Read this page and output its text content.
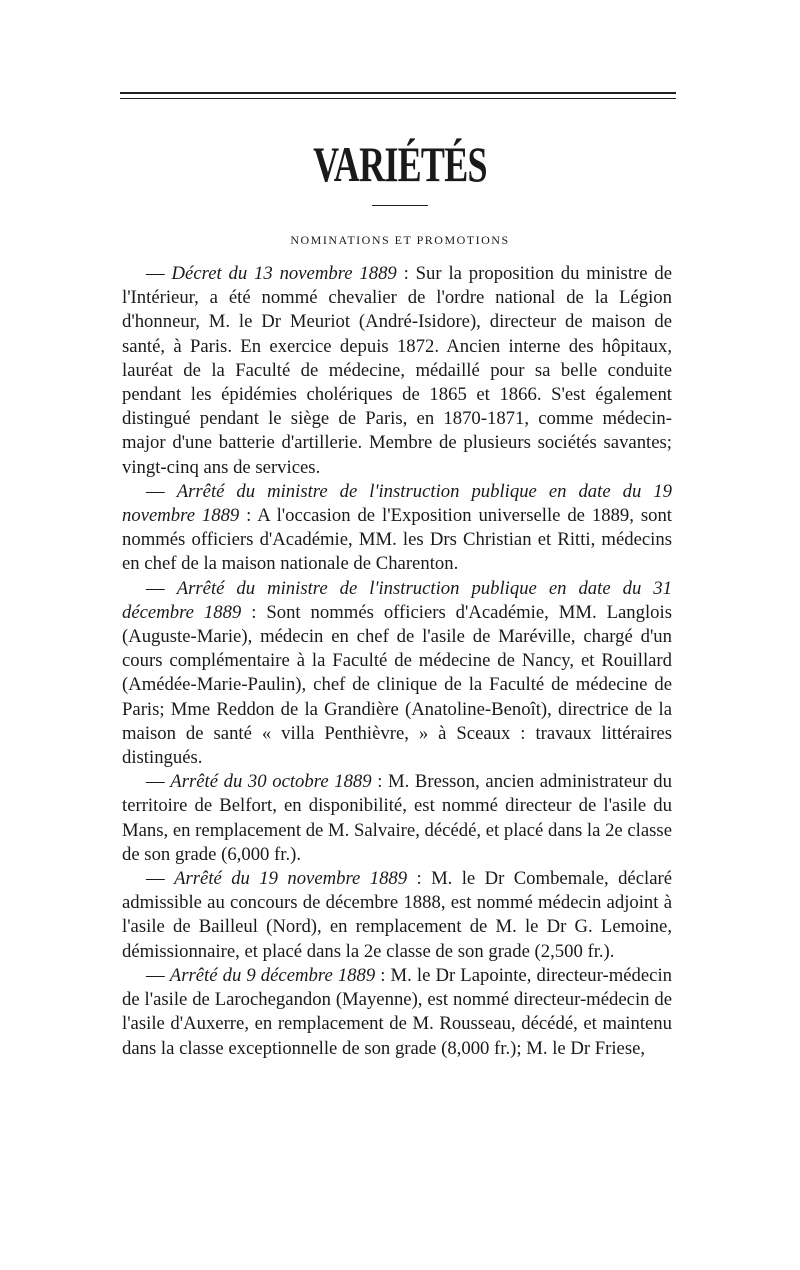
VARIÉTÉS
NOMINATIONS ET PROMOTIONS

— Décret du 13 novembre 1889 : Sur la proposition du ministre de l'Intérieur, a été nommé chevalier de l'ordre national de la Légion d'honneur, M. le Dr Meuriot (André-Isidore), directeur de maison de santé, à Paris. En exercice depuis 1872. Ancien interne des hôpitaux, lauréat de la Faculté de médecine, médaillé pour sa belle conduite pendant les épidémies cholériques de 1865 et 1866. S'est également distingué pendant le siège de Paris, en 1870-1871, comme médecin-major d'une batterie d'artillerie. Membre de plusieurs sociétés savantes; vingt-cinq ans de services.

— Arrêté du ministre de l'instruction publique en date du 19 novembre 1889 : A l'occasion de l'Exposition universelle de 1889, sont nommés officiers d'Académie, MM. les Drs Christian et Ritti, médecins en chef de la maison nationale de Charenton.

— Arrêté du ministre de l'instruction publique en date du 31 décembre 1889 : Sont nommés officiers d'Académie, MM. Langlois (Auguste-Marie), médecin en chef de l'asile de Maréville, chargé d'un cours complémentaire à la Faculté de médecine de Nancy, et Rouillard (Amédée-Marie-Paulin), chef de clinique de la Faculté de médecine de Paris; Mme Reddon de la Grandière (Anatoline-Benoît), directrice de la maison de santé « villa Penthièvre, » à Sceaux : travaux littéraires distingués.

— Arrêté du 30 octobre 1889 : M. Bresson, ancien administrateur du territoire de Belfort, en disponibilité, est nommé directeur de l'asile du Mans, en remplacement de M. Salvaire, décédé, et placé dans la 2e classe de son grade (6,000 fr.).

— Arrêté du 19 novembre 1889 : M. le Dr Combemale, déclaré admissible au concours de décembre 1888, est nommé médecin adjoint à l'asile de Bailleul (Nord), en remplacement de M. le Dr G. Lemoine, démissionnaire, et placé dans la 2e classe de son grade (2,500 fr.).

— Arrêté du 9 décembre 1889 : M. le Dr Lapointe, directeur-médecin de l'asile de Larochegandon (Mayenne), est nommé directeur-médecin de l'asile d'Auxerre, en remplacement de M. Rousseau, décédé, et maintenu dans la classe exceptionnelle de son grade (8,000 fr.); M. le Dr Friese,
